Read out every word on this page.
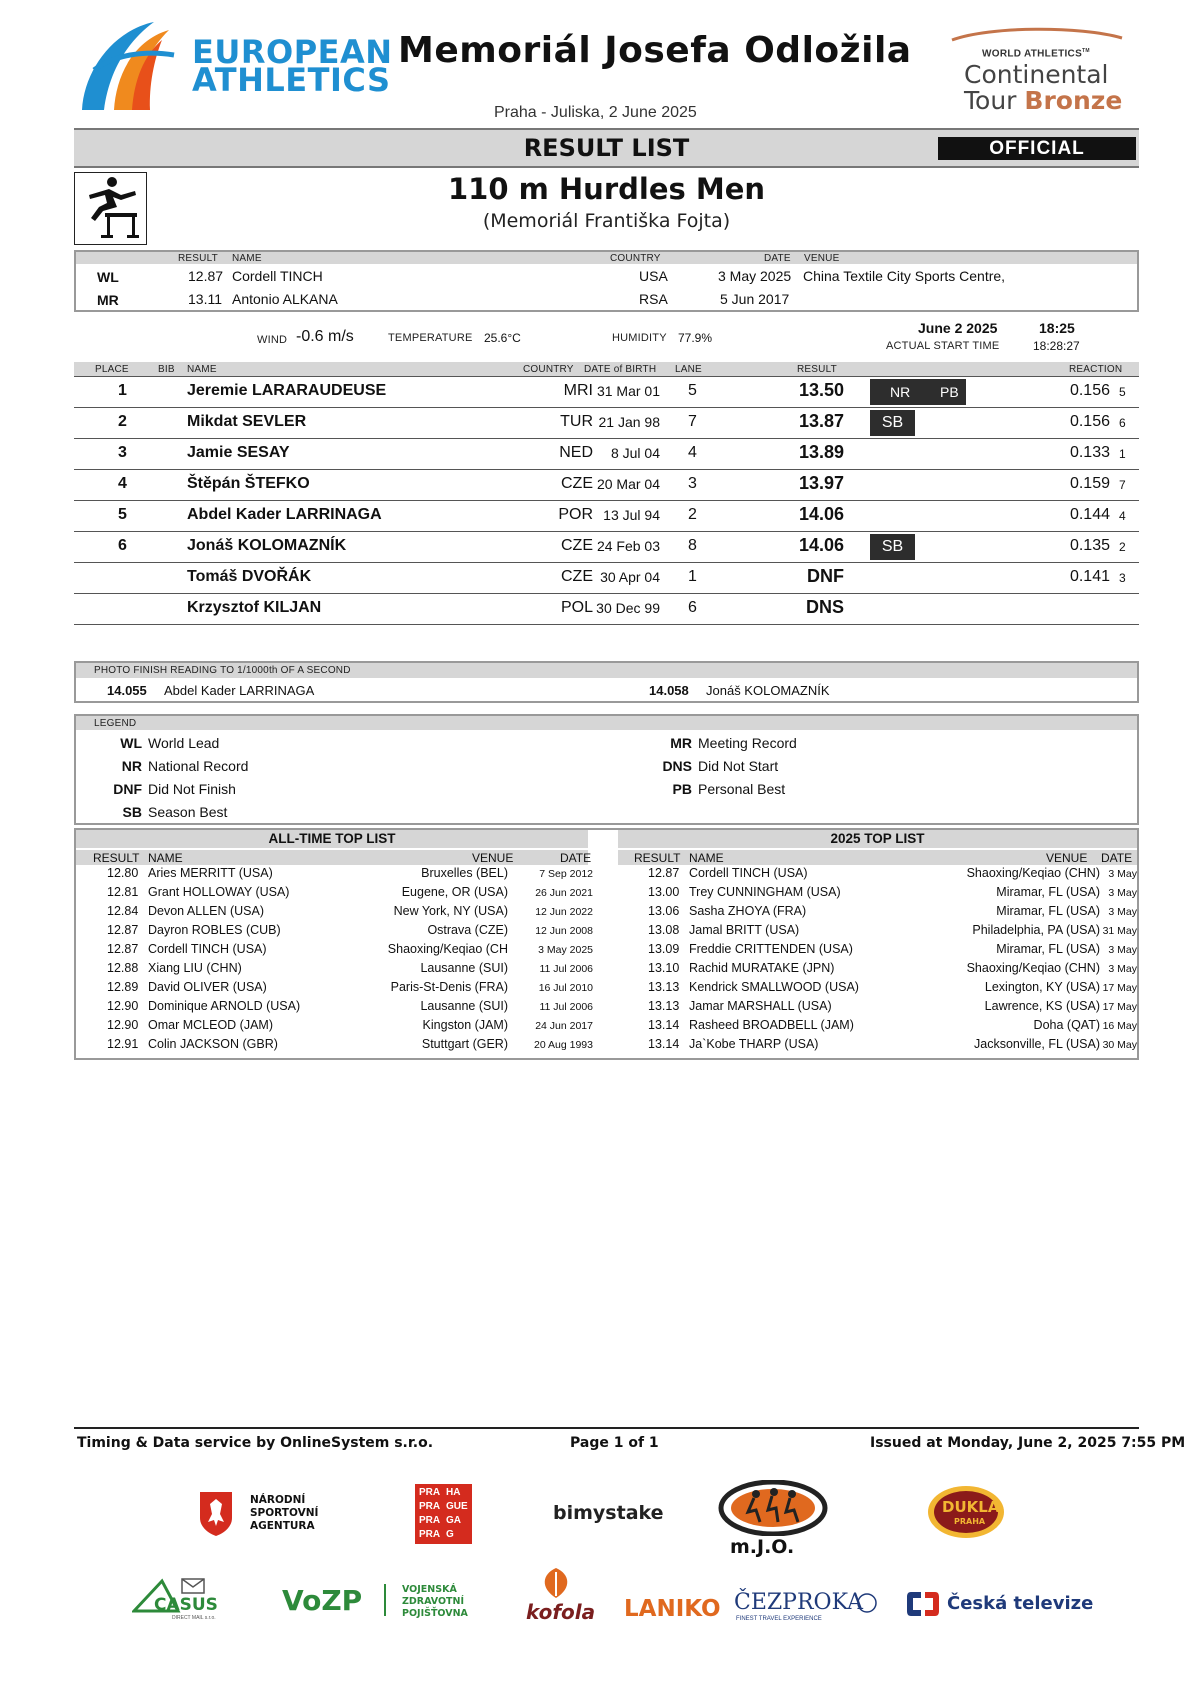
EUROPEAN
ATHLETICS
Memoriál Josefa Odložila
Praha - Juliska, 2 June 2025
WORLD ATHLETICS™
Continental
Tour Bronze
RESULT LIST	OFFICIAL
110 m Hurdles Men
(Memoriál Františka Fojta)
RESULT NAME	COUNTRY	DATE VENUE
WL	12.87 Cordell TINCH	USA	3 May 2025 China Textile City Sports Centre,
MR	13.11 Antonio ALKANA	RSA	5 Jun 2017
WIND -0.6 m/s	TEMPERATURE 25.6°C	HUMIDITY 77.9%
June 2 2025	18:25
ACTUAL START TIME	18:28:27
PLACE	BIB NAME	COUNTRY DATE of BIRTH LANE	RESULT	REACTION
1	Jeremie LARARAUDEUSE	MRI 31 Mar 01 5	13.50	NR	PB	0.156 5
2	Mikdat SEVLER	TUR 21 Jan 98 7	13.87	SB	0.156 6
3	Jamie SESAY	NED	8 Jul 04 4	13.89	0.133 1
4	Štěpán ŠTEFKO	CZE 20 Mar 04 3	13.97	0.159 7
5	Abdel Kader LARRINAGA	POR 13 Jul 94 2	14.06	0.144 4
6	Jonáš KOLOMAZNÍK	CZE 24 Feb 03 8	14.06	SB	0.135 2
Tomáš DVOŘÁK	CZE 30 Apr 04 1	DNF	0.141 3
Krzysztof KILJAN	POL 30 Dec 99 6	DNS
PHOTO FINISH READING TO 1/1000th OF A SECOND
14.055 Abdel Kader LARRINAGA	14.058 Jonáš KOLOMAZNÍK
LEGEND
WL World Lead
NR National Record
DNF Did Not Finish
SB Season Best
MR Meeting Record
DNS Did Not Start
PB Personal Best
ALL-TIME TOP LIST	2025 TOP LIST
RESULT NAME	VENUE	DATE	RESULT NAME	VENUE DATE
12.80 Aries MERRITT (USA)	Bruxelles (BEL)	7 Sep 2012
12.81 Grant HOLLOWAY (USA)	Eugene, OR (USA)	26 Jun 2021
12.84 Devon ALLEN (USA)	New York, NY (USA)	12 Jun 2022
12.87 Dayron ROBLES (CUB)	Ostrava (CZE)	12 Jun 2008
12.87 Cordell TINCH (USA)	Shaoxing/Keqiao (CH	3 May 2025
12.88 Xiang LIU (CHN)	Lausanne (SUI)	11 Jul 2006
12.89 David OLIVER (USA)	Paris-St-Denis (FRA)	16 Jul 2010
12.90 Dominique ARNOLD (USA)	Lausanne (SUI)	11 Jul 2006
12.90 Omar MCLEOD (JAM)	Kingston (JAM)	24 Jun 2017
12.91 Colin JACKSON (GBR)	Stuttgart (GER)	20 Aug 1993
12.87 Cordell TINCH (USA)	Shaoxing/Keqiao (CHN) 3 May
13.00 Trey CUNNINGHAM (USA)	Miramar, FL (USA) 3 May
13.06 Sasha ZHOYA (FRA)	Miramar, FL (USA) 3 May
13.08 Jamal BRITT (USA)	Philadelphia, PA (USA) 31 May
13.09 Freddie CRITTENDEN (USA)	Miramar, FL (USA) 3 May
13.10 Rachid MURATAKE (JPN)	Shaoxing/Keqiao (CHN) 3 May
13.13 Kendrick SMALLWOOD (USA)	Lexington, KY (USA) 17 May
13.13 Jamar MARSHALL (USA)	Lawrence, KS (USA) 17 May
13.14 Rasheed BROADBELL (JAM)	Doha (QAT) 16 May
13.14 Ja`Kobe THARP (USA)	Jacksonville, FL (USA) 30 May
Timing & Data service by OnlineSystem s.r.o.	Page 1 of 1	Issued at Monday, June 2, 2025 7:55 PM
NÁRODNÍ
SPORTOVNÍ
AGENTURA
PRA HA
PRA GUE
PRA GA
PRA G
bimystake
m.J.O.
DUKLA
PRAHA
CASUS
DIRECT MAIL s.r.o.
VoZP	VOJENSKÁ
ZDRAVOTNÍ
POJIŠŤOVNA	kofola LANIKO ČEZPROKA
FINEST TRAVEL EXPERIENCE
Česká televize
